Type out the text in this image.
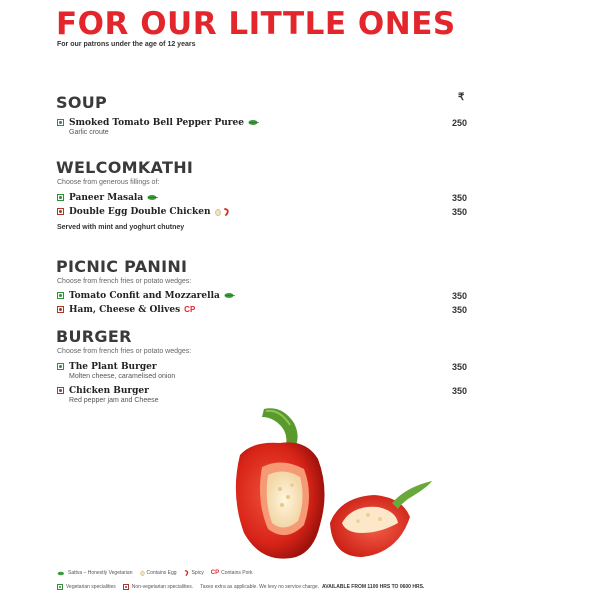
FOR OUR LITTLE ONES
For our patrons under the age of 12 years
₹
SOUP
Smoked Tomato Bell Pepper Puree	250
Garlic croute
WELCOMKATHI
Choose from generous fillings of:
Paneer Masala	350
Double Egg Double Chicken	350
Served with mint and yoghurt chutney
PICNIC PANINI
Choose from french fries or potato wedges:
Tomato Confit and Mozzarella	350
Ham, Cheese & Olives CP	350
BURGER
Choose from french fries or potato wedges:
The Plant Burger	350
Molten cheese, caramelised onion
Chicken Burger	350
Red pepper jam and Cheese
Sattva – Honestly Vegetarian	Contains Egg	Spicy CP Contains Pork
Vegetarian specialities	Non-vegetarian specialities. Taxes extra as applicable. We levy no service charge. AVAILABLE FROM 1100 HRS TO 0600 HRS.
